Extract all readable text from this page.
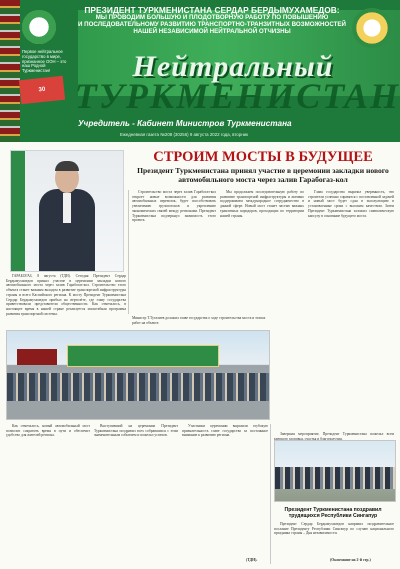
Первое нейтральное государство в мире, признанное ООН – это наш Родной Туркменистан!
30
ПРЕЗИДЕНТ ТУРКМЕНИСТАНА СЕРДАР БЕРДЫМУХАМЕДОВ:
МЫ ПРОВОДИМ БОЛЬШУЮ И ПЛОДОТВОРНУЮ РАБОТУ ПО ПОВЫШЕНИЮ
И ПОСЛЕДОВАТЕЛЬНОМУ РАЗВИТИЮ ТРАНСПОРТНО-ТРАНЗИТНЫХ ВОЗМОЖНОСТЕЙ
НАШЕЙ НЕЗАВИСИМОЙ НЕЙТРАЛЬНОЙ ОТЧИЗНЫ
ТУРКМЕНИСТАН
Нейтральный
Учредитель - Кабинет Министров Туркменистана
Ежедневная газета №208 (30256) 9 августа 2022 года, вторник
СТРОИМ МОСТЫ В БУДУЩЕЕ
Президент Туркменистана принял участие в церемонии закладки нового автомобильного моста через залив Гарабогаз-кол

ГАРАБОГАЗ, 8 августа (ТДН). Сегодня Президент Сердар Бердымухамедов принял участие в церемонии закладки нового автомобильного моста через залив Гарабогаз-кол. Строительство этого объекта станет важным вкладом в развитие транспортной инфраструктуры страны и всего Каспийского региона. К мосту Президент Туркменистана Сердар Бердымухамедов прибыл на вертолёте, где главу государства приветствовали представители общественности. Как отмечалось, в настоящее время в нашей стране реализуется масштабная программа развития транспортной системы.

Строительство моста через залив Гарабогаз-кол откроет новые возможности для развития автомобильных перевозок, будет способствовать увеличению грузопотоков и укреплению экономических связей между регионами. Президент Туркменистана подчеркнул значимость этого проекта.

Мы продолжаем последовательную работу по развитию транспортной инфраструктуры и активно поддерживаем международное сотрудничество в данной сфере. Новый мост станет частью важных транзитных коридоров, проходящих по территории нашей страны.

Глава государства выразил уверенность, что строители успешно справятся с поставленной задачей и новый мост будет сдан в эксплуатацию в установленные сроки с высоким качеством. Затем Президент Туркменистана заложил символическую капсулу в основание будущего моста.

Министр Т.Тугалиев доложил главе государства о ходе строительства моста и этапах работ на объекте.

Как отмечалось, новый автомобильный мост позволит сократить время в пути и обеспечит удобство для жителей региона.

Выступивший на церемонии Президент Туркменистана поздравил всех собравшихся с этим знаменательным событием и пожелал успехов.

Участники церемонии выразили глубокую признательность главе государства за постоянное внимание к развитию региона.	Завершая мероприятие, Президент Туркменистана пожелал всем крепкого здоровья, счастья и благополучия.

Президент Туркменистана поздравил трудящихся Республики Сингапур

Президент Сердар Бердымухамедов направил поздравительное послание Президенту Республики Сингапур по случаю национального праздника страны – Дня независимости.

(Окончание на 2-й стр.)
(ТДН).
